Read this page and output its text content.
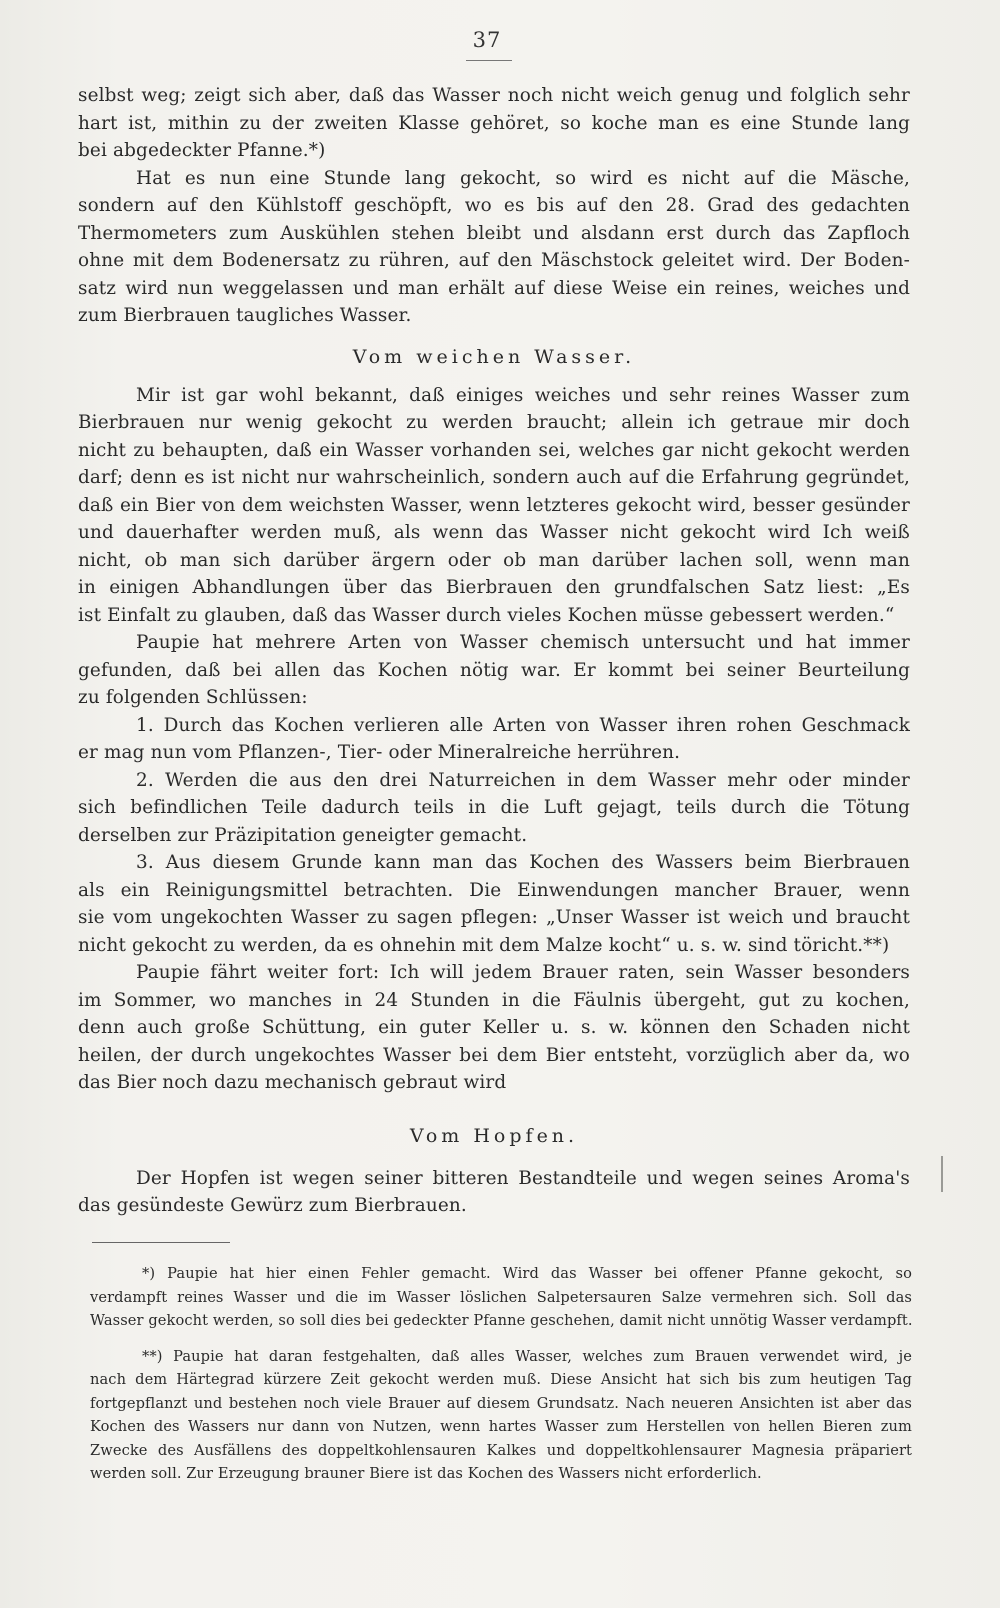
37
selbst weg; zeigt sich aber, daß das Wasser noch nicht weich genug und folglich sehr
hart ist, mithin zu der zweiten Klasse gehöret, so koche man es eine Stunde lang
bei abgedeckter Pfanne.*)
Hat es nun eine Stunde lang gekocht, so wird es nicht auf die Mäsche,
sondern auf den Kühlstoff geschöpft, wo es bis auf den 28. Grad des gedachten
Thermometers zum Auskühlen stehen bleibt und alsdann erst durch das Zapfloch
ohne mit dem Bodenersatz zu rühren, auf den Mäschstock geleitet wird. Der Boden-
satz wird nun weggelassen und man erhält auf diese Weise ein reines, weiches und
zum Bierbrauen taugliches Wasser.
Vom weichen Wasser.
Mir ist gar wohl bekannt, daß einiges weiches und sehr reines Wasser zum
Bierbrauen nur wenig gekocht zu werden braucht; allein ich getraue mir doch
nicht zu behaupten, daß ein Wasser vorhanden sei, welches gar nicht gekocht werden
darf; denn es ist nicht nur wahrscheinlich, sondern auch auf die Erfahrung gegründet,
daß ein Bier von dem weichsten Wasser, wenn letzteres gekocht wird, besser gesünder
und dauerhafter werden muß, als wenn das Wasser nicht gekocht wird Ich weiß
nicht, ob man sich darüber ärgern oder ob man darüber lachen soll, wenn man
in einigen Abhandlungen über das Bierbrauen den grundfalschen Satz liest: „Es
ist Einfalt zu glauben, daß das Wasser durch vieles Kochen müsse gebessert werden.“
Paupie hat mehrere Arten von Wasser chemisch untersucht und hat immer
gefunden, daß bei allen das Kochen nötig war. Er kommt bei seiner Beurteilung
zu folgenden Schlüssen:
1. Durch das Kochen verlieren alle Arten von Wasser ihren rohen Geschmack
er mag nun vom Pflanzen-, Tier- oder Mineralreiche herrühren.
2. Werden die aus den drei Naturreichen in dem Wasser mehr oder minder
sich befindlichen Teile dadurch teils in die Luft gejagt, teils durch die Tötung
derselben zur Präzipitation geneigter gemacht.
3. Aus diesem Grunde kann man das Kochen des Wassers beim Bierbrauen
als ein Reinigungsmittel betrachten. Die Einwendungen mancher Brauer, wenn
sie vom ungekochten Wasser zu sagen pflegen: „Unser Wasser ist weich und braucht
nicht gekocht zu werden, da es ohnehin mit dem Malze kocht“ u. s. w. sind töricht.**)
Paupie fährt weiter fort: Ich will jedem Brauer raten, sein Wasser besonders
im Sommer, wo manches in 24 Stunden in die Fäulnis übergeht, gut zu kochen,
denn auch große Schüttung, ein guter Keller u. s. w. können den Schaden nicht
heilen, der durch ungekochtes Wasser bei dem Bier entsteht, vorzüglich aber da, wo
das Bier noch dazu mechanisch gebraut wird
Vom Hopfen.
Der Hopfen ist wegen seiner bitteren Bestandteile und wegen seines Aroma's
das gesündeste Gewürz zum Bierbrauen.
*) Paupie hat hier einen Fehler gemacht. Wird das Wasser bei offener Pfanne gekocht, so
verdampft reines Wasser und die im Wasser löslichen Salpetersauren Salze vermehren sich. Soll das
Wasser gekocht werden, so soll dies bei gedeckter Pfanne geschehen, damit nicht unnötig Wasser verdampft.
**) Paupie hat daran festgehalten, daß alles Wasser, welches zum Brauen verwendet wird, je
nach dem Härtegrad kürzere Zeit gekocht werden muß. Diese Ansicht hat sich bis zum heutigen Tag
fortgepflanzt und bestehen noch viele Brauer auf diesem Grundsatz. Nach neueren Ansichten ist aber das
Kochen des Wassers nur dann von Nutzen, wenn hartes Wasser zum Herstellen von hellen Bieren zum
Zwecke des Ausfällens des doppeltkohlensauren Kalkes und doppeltkohlensaurer Magnesia präpariert
werden soll. Zur Erzeugung brauner Biere ist das Kochen des Wassers nicht erforderlich.
